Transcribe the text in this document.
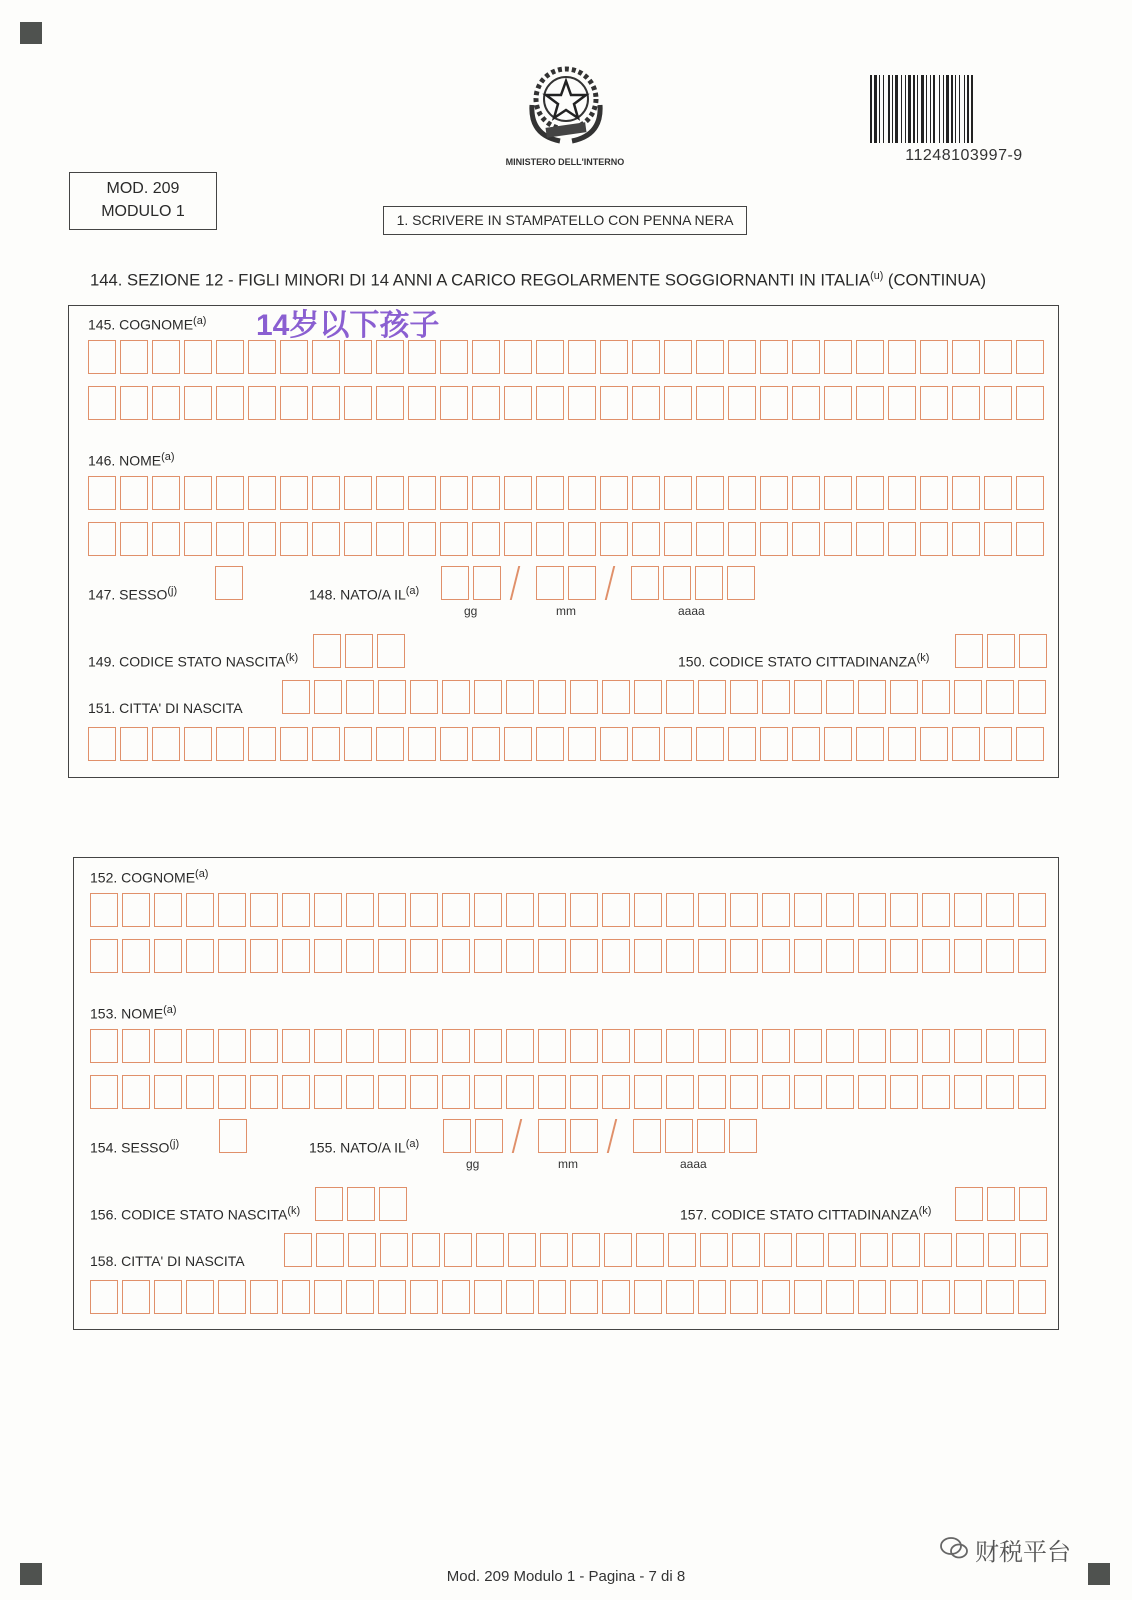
MINISTERO DELL'INTERNO	11248103997-9
MOD. 209
MODULO 1	1. SCRIVERE IN STAMPATELLO CON PENNA NERA
144. SEZIONE 12 - FIGLI MINORI DI 14 ANNI A CARICO REGOLARMENTE SOGGIORNANTI IN ITALIA$^{(u)}$ (CONTINUA)
145. COGNOME$^{(a)}$
146. NOME$^{(a)}$
147. SESSO$^{(j)}$	148. NATO/A IL$^{(a)}$
gg	mm	aaaa
149. CODICE STATO NASCITA$^{(k)}$	150. CODICE STATO CITTADINANZA$^{(k)}$
151. CITTA' DI NASCITA
152. COGNOME$^{(a)}$
153. NOME$^{(a)}$
154. SESSO$^{(j)}$	155. NATO/A IL$^{(a)}$
gg	mm	aaaa
156. CODICE STATO NASCITA$^{(k)}$	157. CODICE STATO CITTADINANZA$^{(k)}$
158. CITTA' DI NASCITA
14岁以下孩子
Mod. 209 Modulo 1 - Pagina - 7 di 8
财税平台
